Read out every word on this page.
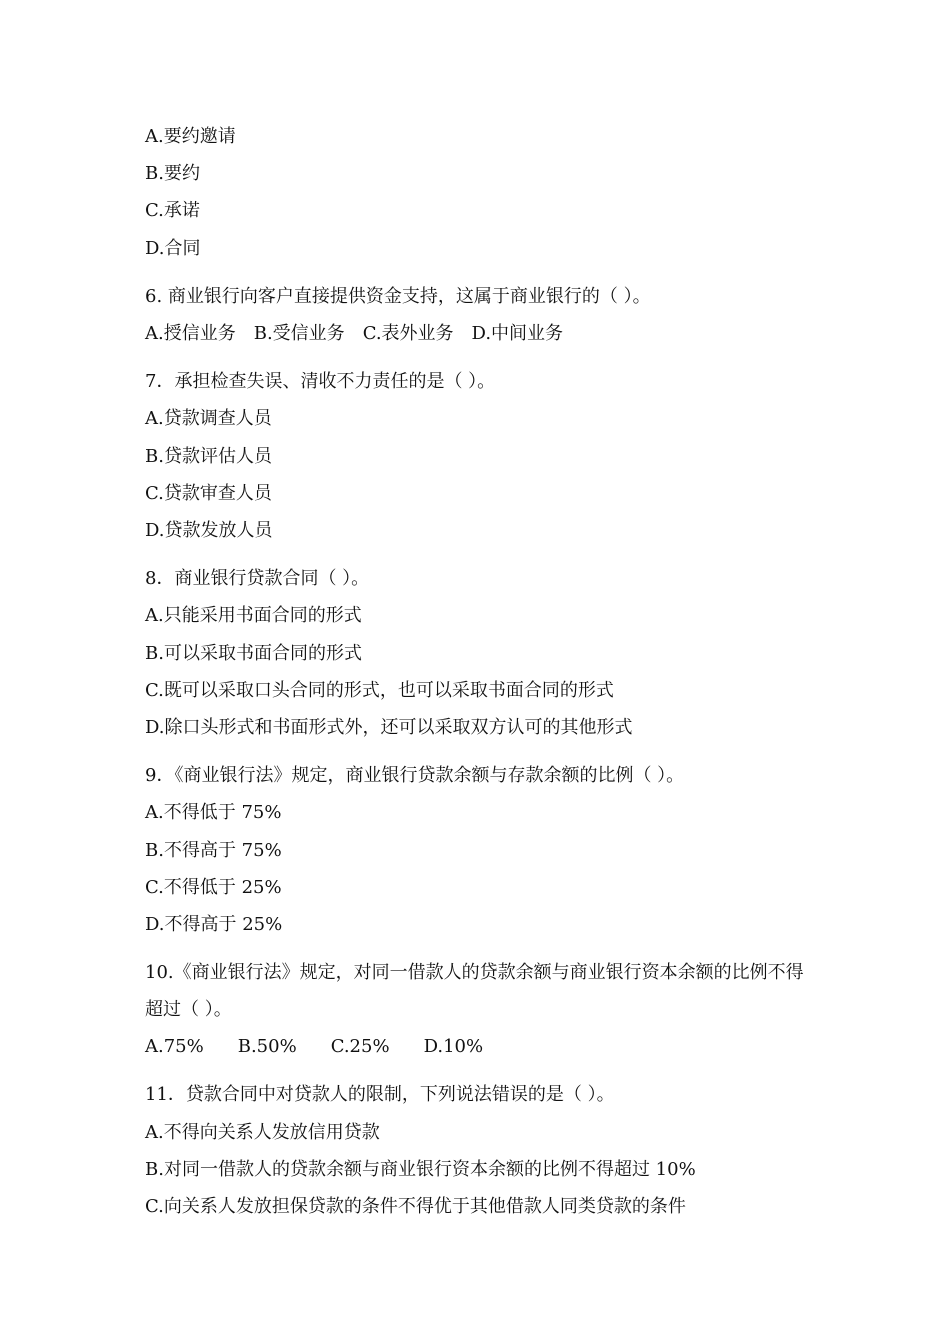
A.要约邀请
B.要约
C.承诺
D.合同
6. 商业银行向客户直接提供资金支持，这属于商业银行的（ ）。
A.授信业务 B.受信业务 C.表外业务 D.中间业务
7．承担检查失误、清收不力责任的是（ ）。
A.贷款调查人员
B.贷款评估人员
C.贷款审查人员
D.贷款发放人员
8．商业银行贷款合同（ ）。
A.只能采用书面合同的形式
B.可以采取书面合同的形式
C.既可以采取口头合同的形式，也可以采取书面合同的形式
D.除口头形式和书面形式外，还可以采取双方认可的其他形式
9．《商业银行法》规定，商业银行贷款余额与存款余额的比例（ ）。
A.不得低于 75%
B.不得高于 75%
C.不得低于 25%
D.不得高于 25%
10.《商业银行法》规定，对同一借款人的贷款余额与商业银行资本余额的比例不得超过（ ）。
A.75% B.50% C.25% D.10%
11．贷款合同中对贷款人的限制，下列说法错误的是（ ）。
A.不得向关系人发放信用贷款
B.对同一借款人的贷款余额与商业银行资本余额的比例不得超过 10%
C.向关系人发放担保贷款的条件不得优于其他借款人同类贷款的条件
